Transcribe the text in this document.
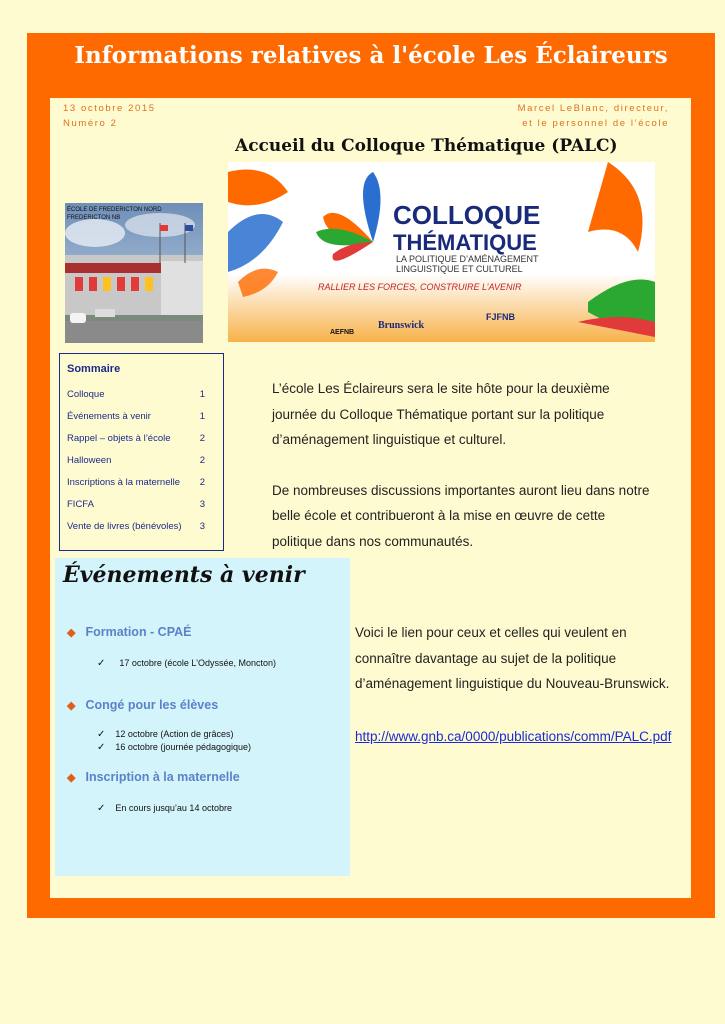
Informations relatives à l'école Les Éclaireurs
13 octobre 2015
Numéro 2
Marcel LeBlanc, directeur,
et le personnel de l’école
Accueil du Colloque Thématique (PALC)
ÉCOLE DE FREDERICTON NORD
FREDERICTON NB	COLLOQUE
THÉMATIQUE
LA POLITIQUE D’AMÉNAGEMENT
LINGUISTIQUE ET CULTUREL
RALLIER LES FORCES, CONSTRUIRE L’AVENIR
AEFNB
Brunswick
FJFNB
Sommaire
Colloque	1
Événements à venir	1
Rappel – objets à l’école	2
Halloween	2
Inscriptions à la maternelle 2
FICFA	3
Vente de livres (bénévoles) 3

L’école Les Éclaireurs sera le site hôte pour la deuxième journée du Colloque Thématique portant sur la politique d’aménagement linguistique et culturel.

De nombreuses discussions importantes auront lieu dans notre belle école et contribueront à la mise en œuvre de cette politique dans nos communautés.

Événements à venir
◆ Formation - CPAÉ
✓ 17 octobre (école L’Odyssée, Moncton)
◆ Congé pour les élèves
✓ 12 octobre (Action de grâces)
✓ 16 octobre (journée pédagogique)
◆ Inscription à la maternelle
✓ En cours jusqu’au 14 octobre
Voici le lien pour ceux et celles qui veulent en connaître davantage au sujet de la politique d’aménagement linguistique du Nouveau-Brunswick.
http://www.gnb.ca/0000/publications/comm/PALC.pdf
